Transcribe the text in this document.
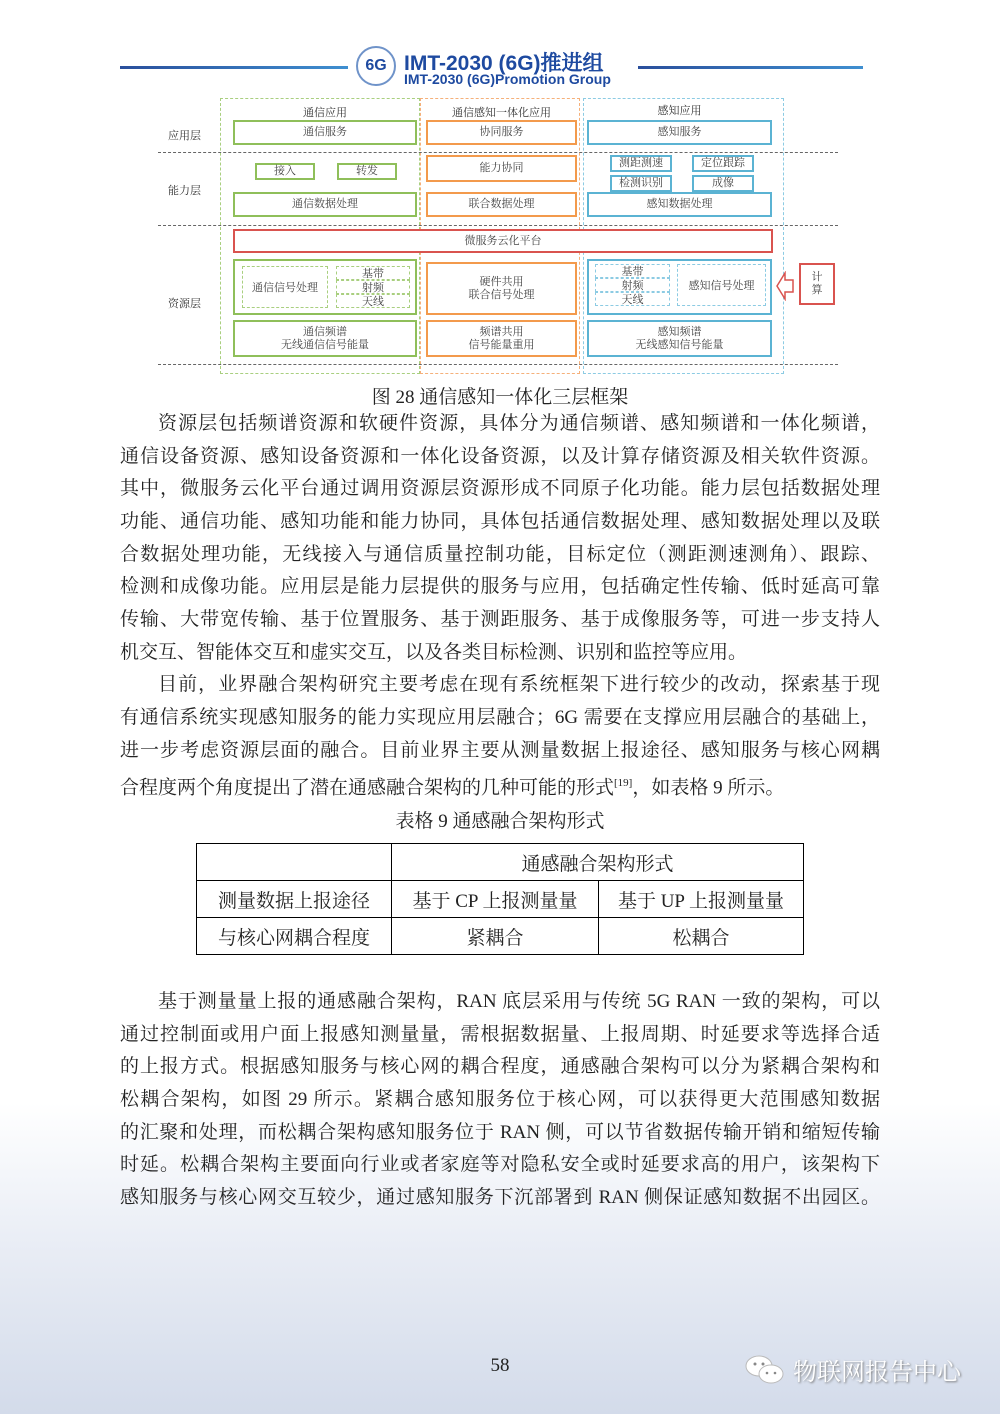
6G IMT-2030 (6G)推进组
IMT-2030 (6G)Promotion Group
应用层
能力层
资源层
通信应用	通信感知一体化应用	感知应用
通信服务	协同服务	感知服务
接入	转发	能力协同	测距测速	定位跟踪
检测识别	成像
通信数据处理	联合数据处理	感知数据处理
微服务云化平台
通信信号处理
基带
射频
天线
硬件共用
联合信号处理
基带
射频
天线
感知信号处理
通信频谱
无线通信信号能量
频谱共用
信号能量重用
感知频谱
无线感知信号能量
计
算
图 28 通信感知一体化三层框架
资源层包括频谱资源和软硬件资源，具体分为通信频谱、感知频谱和一体化频谱，
通信设备资源、感知设备资源和一体化设备资源，以及计算存储资源及相关软件资源。
其中，微服务云化平台通过调用资源层资源形成不同原子化功能。能力层包括数据处理
功能、通信功能、感知功能和能力协同，具体包括通信数据处理、感知数据处理以及联
合数据处理功能，无线接入与通信质量控制功能，目标定位（测距测速测角）、跟踪、
检测和成像功能。应用层是能力层提供的服务与应用，包括确定性传输、低时延高可靠
传输、大带宽传输、基于位置服务、基于测距服务、基于成像服务等，可进一步支持人
机交互、智能体交互和虚实交互，以及各类目标检测、识别和监控等应用。
目前，业界融合架构研究主要考虑在现有系统框架下进行较少的改动，探索基于现
有通信系统实现感知服务的能力实现应用层融合；6G 需要在支撑应用层融合的基础上，
进一步考虑资源层面的融合。目前业界主要从测量数据上报途径、感知服务与核心网耦
合程度两个角度提出了潜在通感融合架构的几种可能的形式[19]，如表格 9 所示。
表格 9 通感融合架构形式
	通感融合架构形式	
测量数据上报途径	基于 CP 上报测量量	基于 UP 上报测量量
与核心网耦合程度	紧耦合	松耦合
基于测量量上报的通感融合架构，RAN 底层采用与传统 5G RAN 一致的架构，可以
通过控制面或用户面上报感知测量量，需根据数据量、上报周期、时延要求等选择合适
的上报方式。根据感知服务与核心网的耦合程度，通感融合架构可以分为紧耦合架构和
松耦合架构，如图 29 所示。紧耦合感知服务位于核心网，可以获得更大范围感知数据
的汇聚和处理，而松耦合架构感知服务位于 RAN 侧，可以节省数据传输开销和缩短传输
时延。松耦合架构主要面向行业或者家庭等对隐私安全或时延要求高的用户，该架构下
感知服务与核心网交互较少，通过感知服务下沉部署到 RAN 侧保证感知数据不出园区。
58	物联网报告中心
